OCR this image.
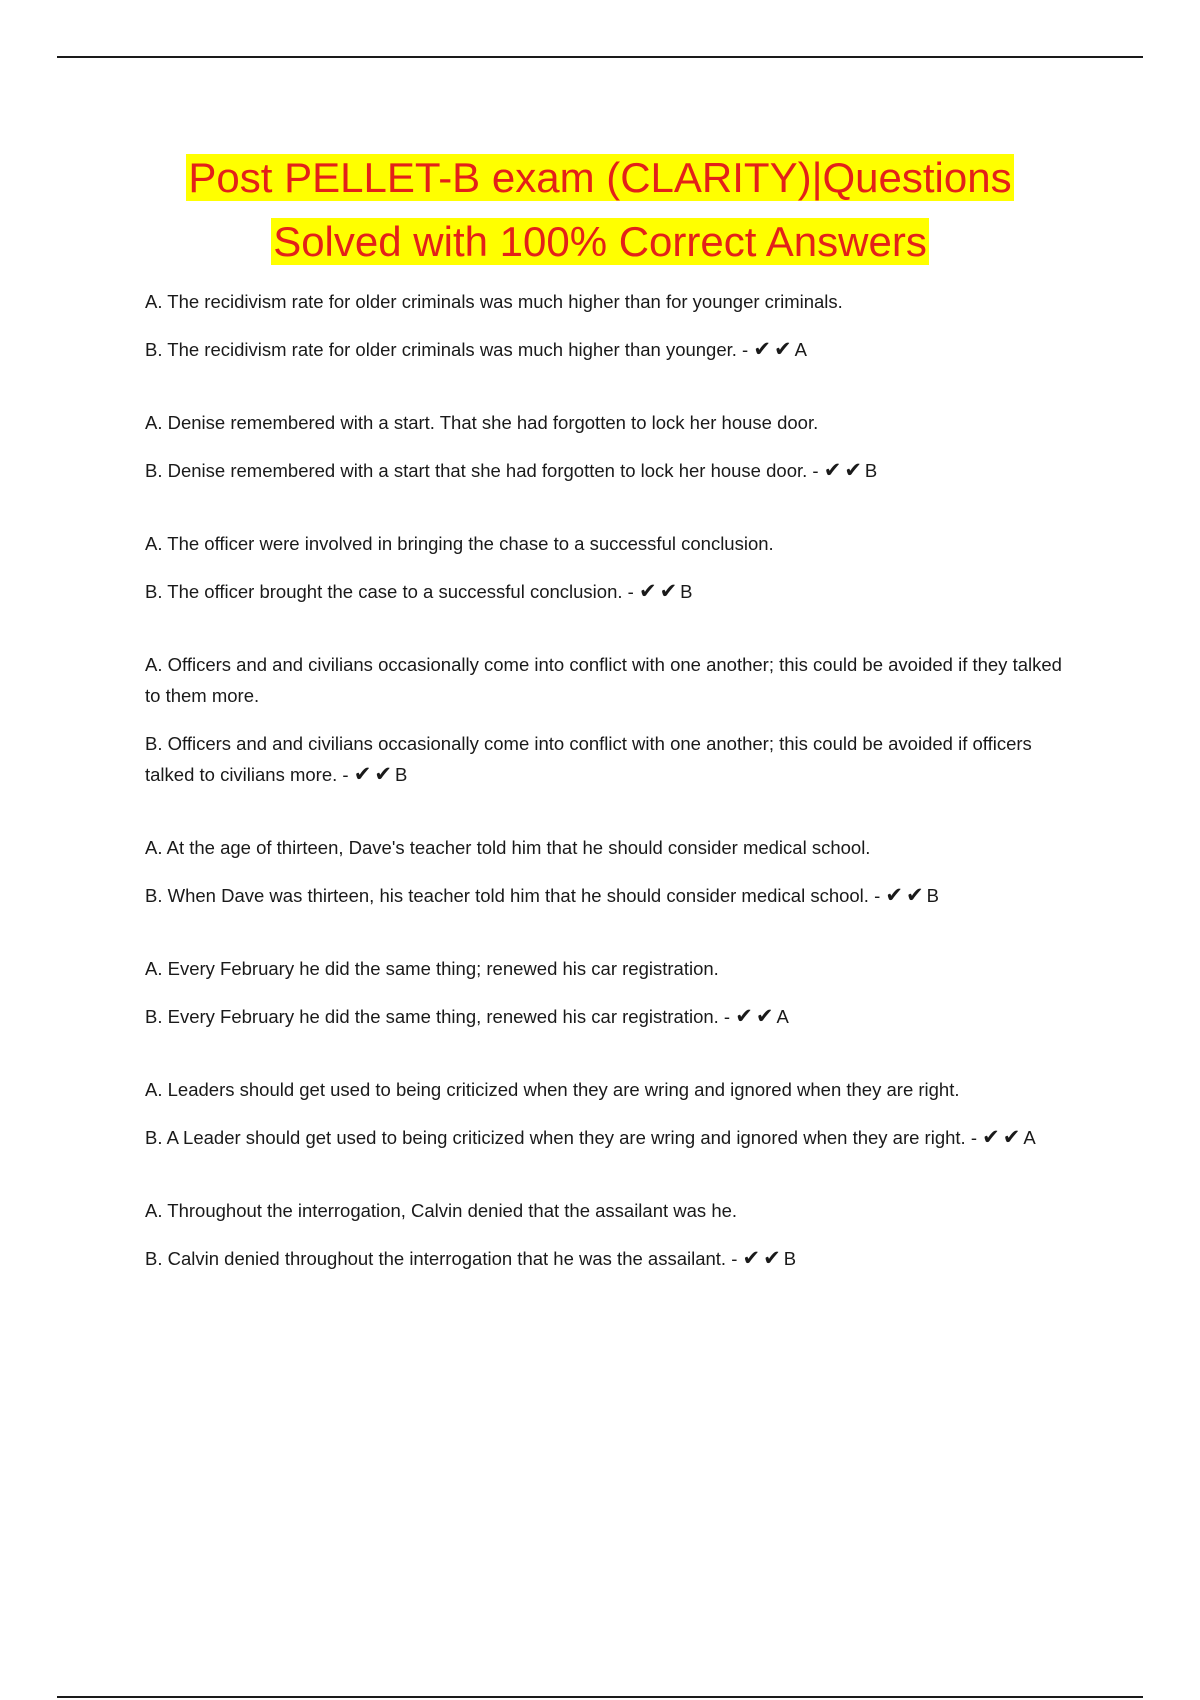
Post PELLET-B exam (CLARITY)|Questions
Solved with 100% Correct Answers

A. The recidivism rate for older criminals was much higher than for younger criminals.

B. The recidivism rate for older criminals was much higher than younger. - ✔ ✔ A

A. Denise remembered with a start. That she had forgotten to lock her house door.

B. Denise remembered with a start that she had forgotten to lock her house door. - ✔ ✔ B

A. The officer were involved in bringing the chase to a successful conclusion.

B. The officer brought the case to a successful conclusion. - ✔ ✔ B

A. Officers and and civilians occasionally come into conflict with one another; this could be avoided if they talked to them more.

B. Officers and and civilians occasionally come into conflict with one another; this could be avoided if officers talked to civilians more. - ✔ ✔ B

A. At the age of thirteen, Dave's teacher told him that he should consider medical school.

B. When Dave was thirteen, his teacher told him that he should consider medical school. - ✔ ✔ B

A. Every February he did the same thing; renewed his car registration.

B. Every February he did the same thing, renewed his car registration. - ✔ ✔ A

A. Leaders should get used to being criticized when they are wring and ignored when they are right.

B. A Leader should get used to being criticized when they are wring and ignored when they are right. - ✔ ✔ A

A. Throughout the interrogation, Calvin denied that the assailant was he.

B. Calvin denied throughout the interrogation that he was the assailant. - ✔ ✔ B
